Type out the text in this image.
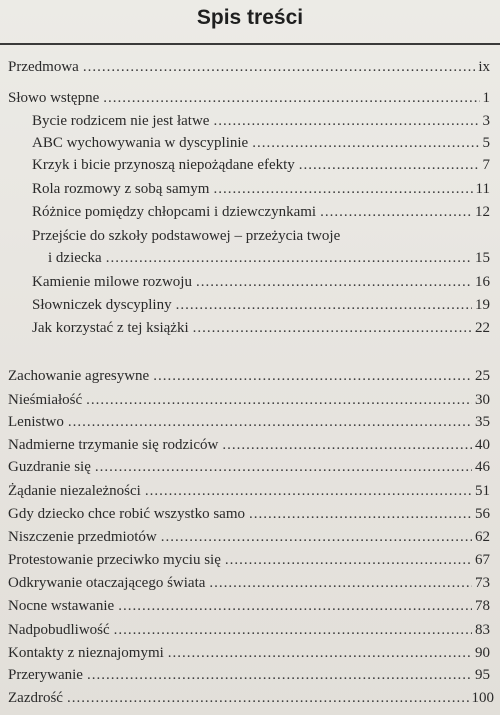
Spis treści
Przedmowa .....	ix
Słowo wstępne .....	1
Bycie rodzicem nie jest łatwe .....	3
ABC wychowywania w dyscyplinie .....	5
Krzyk i bicie przynoszą niepożądane efekty .....	7
Rola rozmowy z sobą samym .....	11
Różnice pomiędzy chłopcami i dziewczynkami .....	12
Przejście do szkoły podstawowej – przeżycia twoje
i dziecka .....	15
Kamienie milowe rozwoju .....	16
Słowniczek dyscypliny .....	19
Jak korzystać z tej książki .....	22
Zachowanie agresywne .....	25
Nieśmiałość .....	30
Lenistwo .....	35
Nadmierne trzymanie się rodziców .....	40
Guzdranie się .....	46
Żądanie niezależności .....	51
Gdy dziecko chce robić wszystko samo .....	56
Niszczenie przedmiotów .....	62
Protestowanie przeciwko myciu się .....	67
Odkrywanie otaczającego świata .....	73
Nocne wstawanie .....	78
Nadpobudliwość .....	83
Kontakty z nieznajomymi .....	90
Przerywanie .....	95
Zazdrość .....	100
